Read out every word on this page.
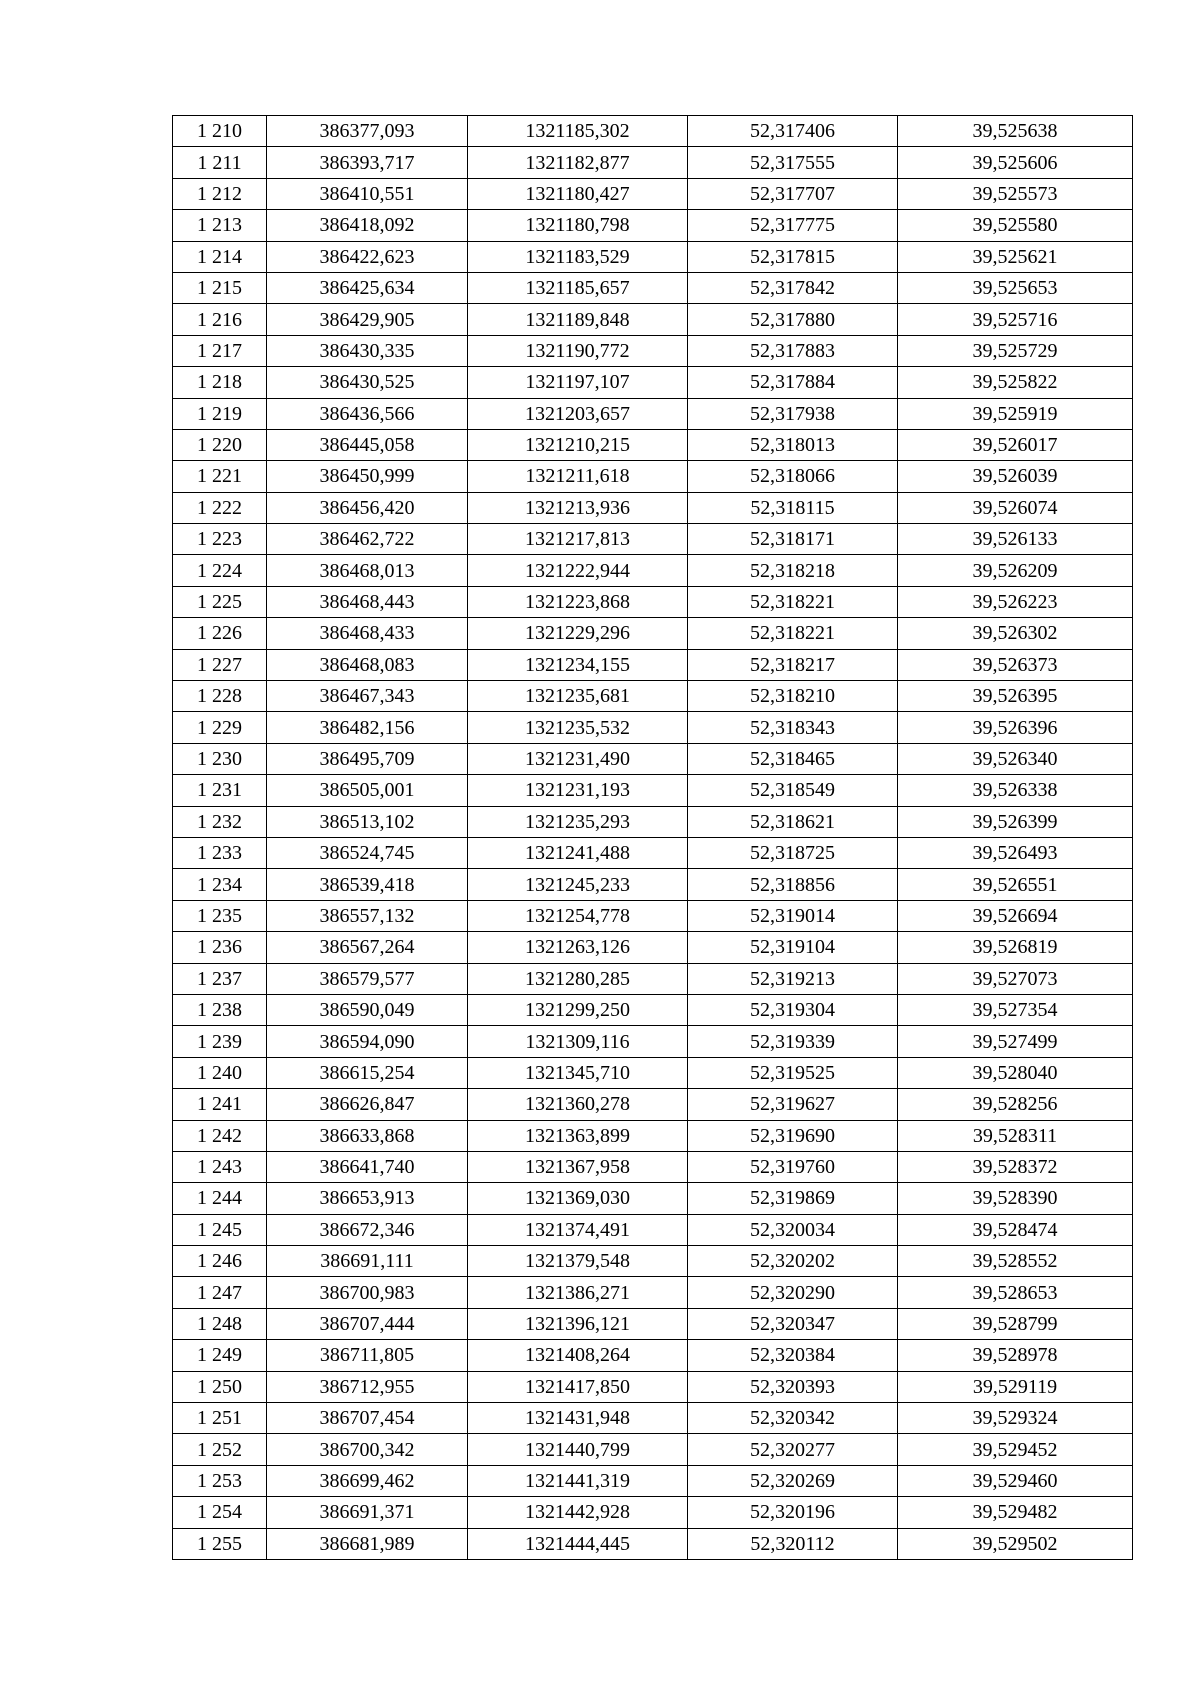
1 210	386377,093	1321185,302	52,317406	39,525638
1 211	386393,717	1321182,877	52,317555	39,525606
1 212	386410,551	1321180,427	52,317707	39,525573
1 213	386418,092	1321180,798	52,317775	39,525580
1 214	386422,623	1321183,529	52,317815	39,525621
1 215	386425,634	1321185,657	52,317842	39,525653
1 216	386429,905	1321189,848	52,317880	39,525716
1 217	386430,335	1321190,772	52,317883	39,525729
1 218	386430,525	1321197,107	52,317884	39,525822
1 219	386436,566	1321203,657	52,317938	39,525919
1 220	386445,058	1321210,215	52,318013	39,526017
1 221	386450,999	1321211,618	52,318066	39,526039
1 222	386456,420	1321213,936	52,318115	39,526074
1 223	386462,722	1321217,813	52,318171	39,526133
1 224	386468,013	1321222,944	52,318218	39,526209
1 225	386468,443	1321223,868	52,318221	39,526223
1 226	386468,433	1321229,296	52,318221	39,526302
1 227	386468,083	1321234,155	52,318217	39,526373
1 228	386467,343	1321235,681	52,318210	39,526395
1 229	386482,156	1321235,532	52,318343	39,526396
1 230	386495,709	1321231,490	52,318465	39,526340
1 231	386505,001	1321231,193	52,318549	39,526338
1 232	386513,102	1321235,293	52,318621	39,526399
1 233	386524,745	1321241,488	52,318725	39,526493
1 234	386539,418	1321245,233	52,318856	39,526551
1 235	386557,132	1321254,778	52,319014	39,526694
1 236	386567,264	1321263,126	52,319104	39,526819
1 237	386579,577	1321280,285	52,319213	39,527073
1 238	386590,049	1321299,250	52,319304	39,527354
1 239	386594,090	1321309,116	52,319339	39,527499
1 240	386615,254	1321345,710	52,319525	39,528040
1 241	386626,847	1321360,278	52,319627	39,528256
1 242	386633,868	1321363,899	52,319690	39,528311
1 243	386641,740	1321367,958	52,319760	39,528372
1 244	386653,913	1321369,030	52,319869	39,528390
1 245	386672,346	1321374,491	52,320034	39,528474
1 246	386691,111	1321379,548	52,320202	39,528552
1 247	386700,983	1321386,271	52,320290	39,528653
1 248	386707,444	1321396,121	52,320347	39,528799
1 249	386711,805	1321408,264	52,320384	39,528978
1 250	386712,955	1321417,850	52,320393	39,529119
1 251	386707,454	1321431,948	52,320342	39,529324
1 252	386700,342	1321440,799	52,320277	39,529452
1 253	386699,462	1321441,319	52,320269	39,529460
1 254	386691,371	1321442,928	52,320196	39,529482
1 255	386681,989	1321444,445	52,320112	39,529502
